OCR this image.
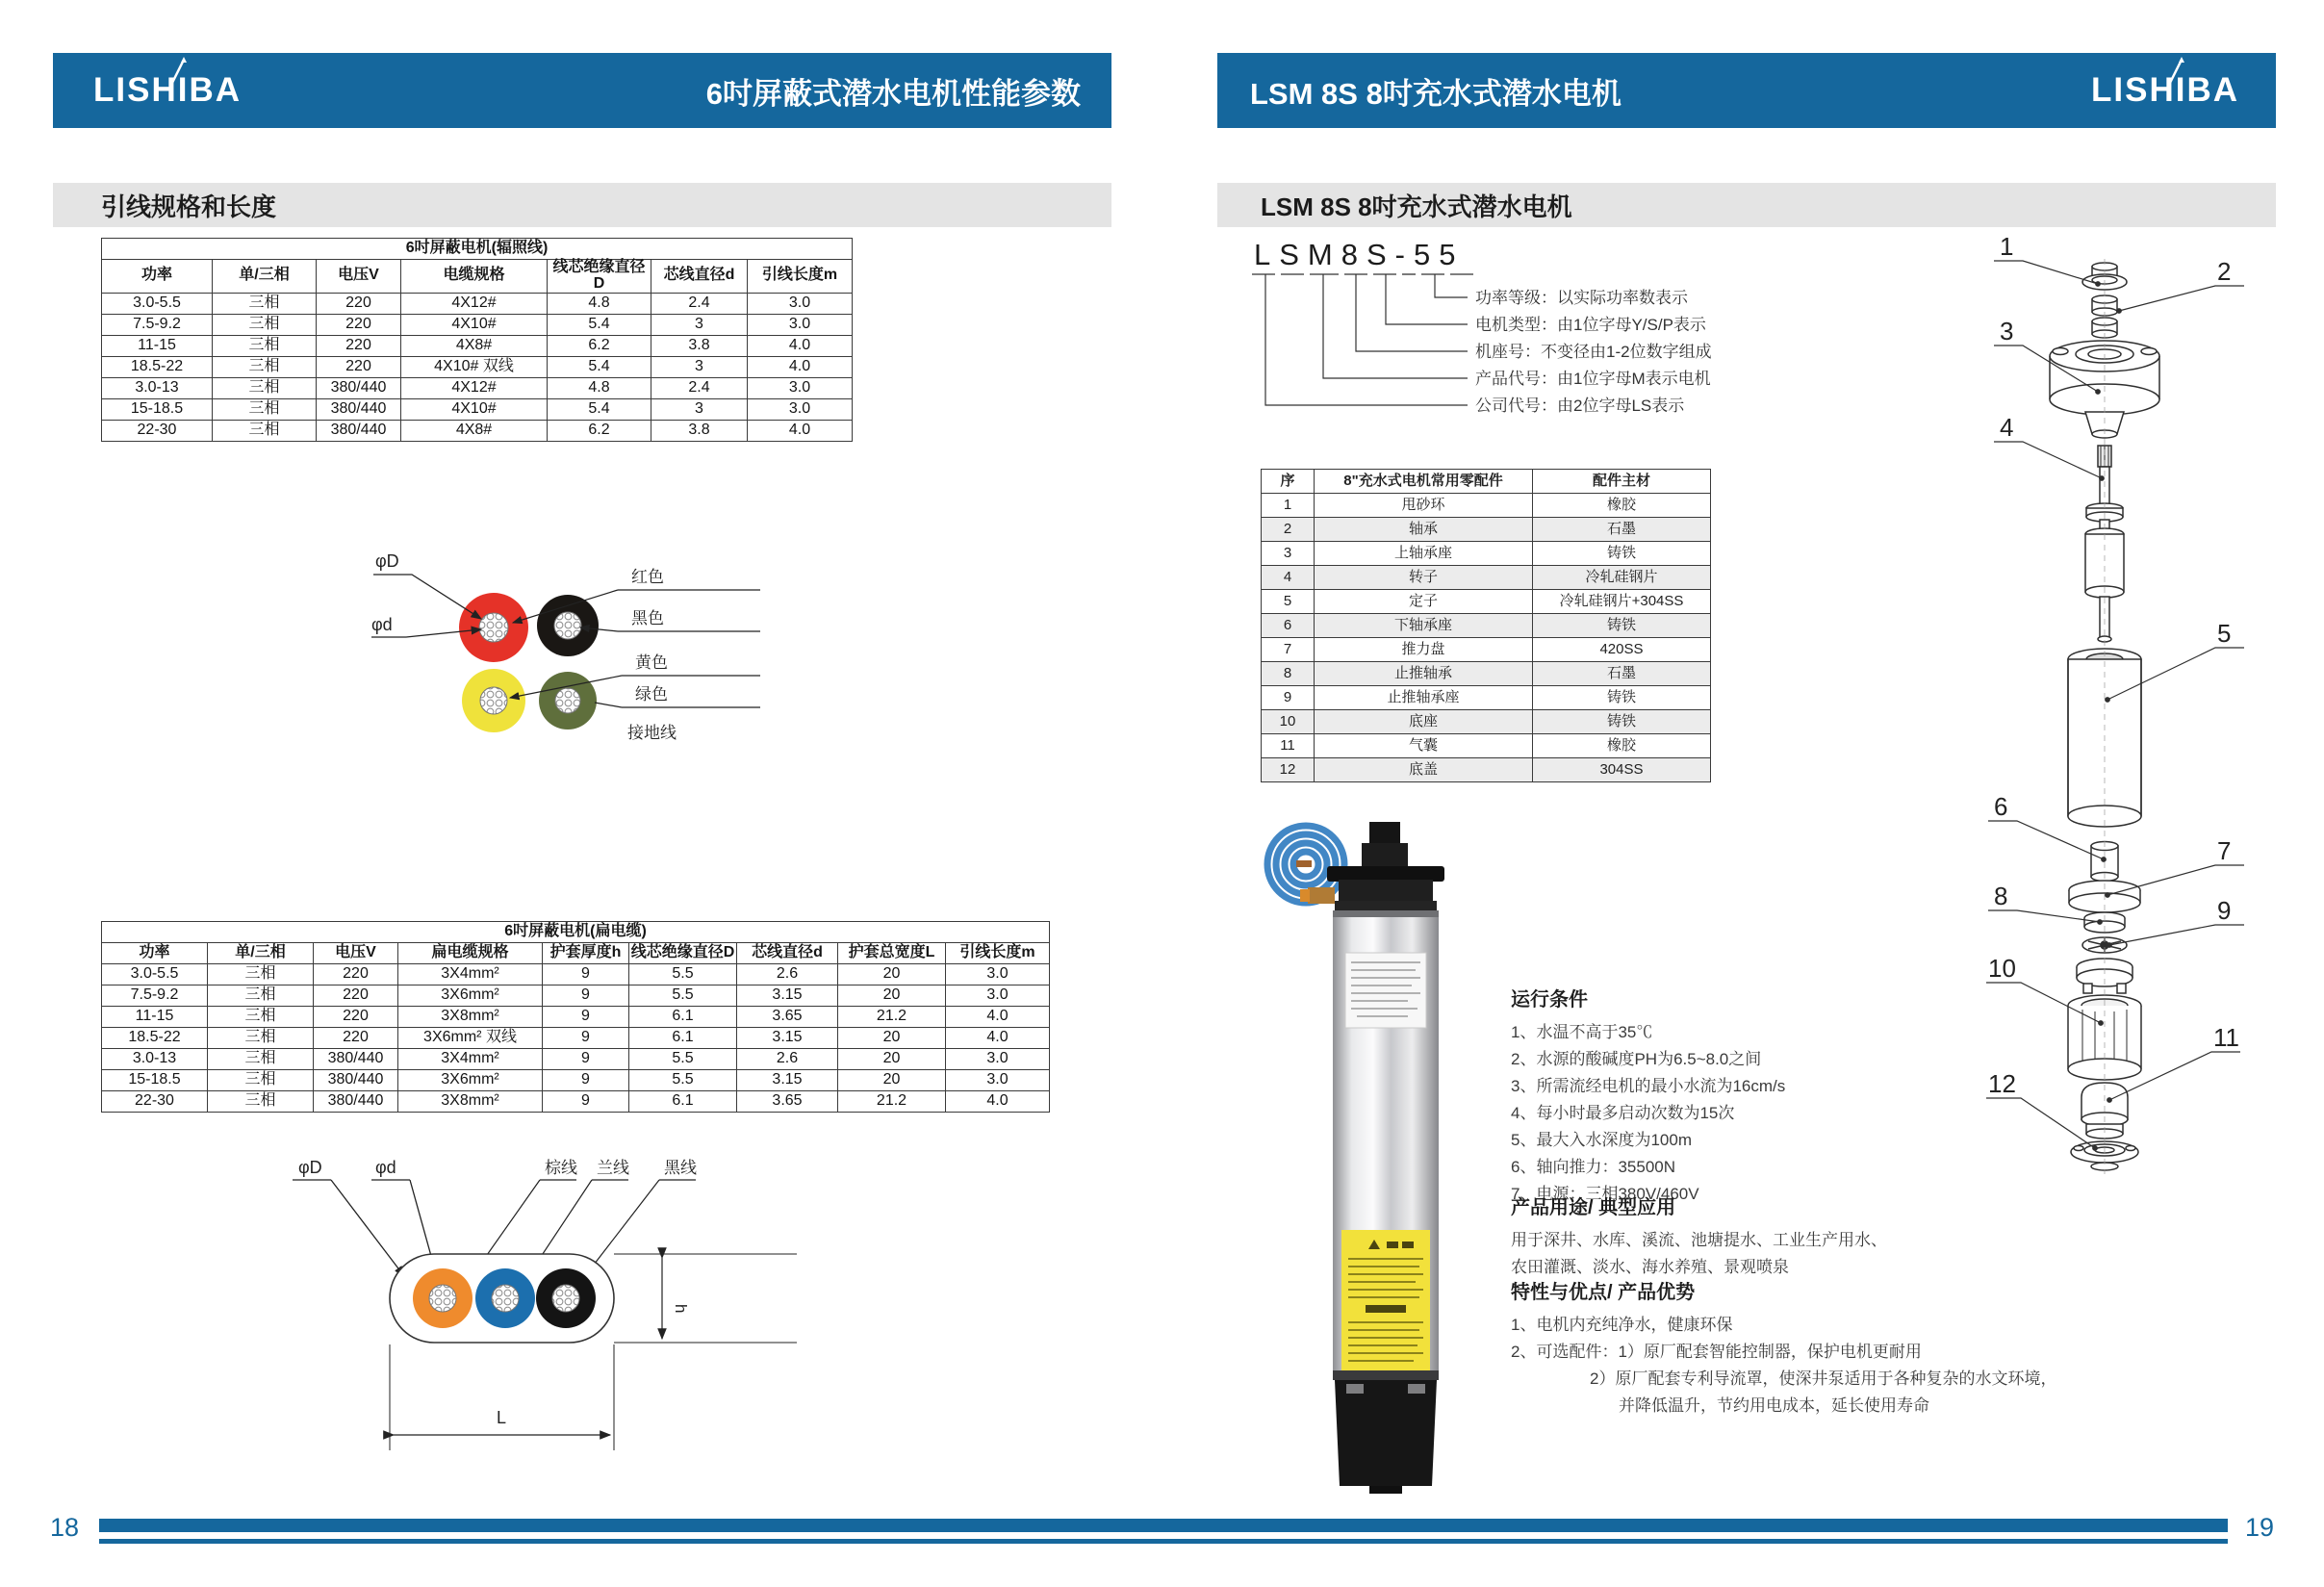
LISHIBA	6吋屏蔽式潜水电机性能参数	LSM 8S 8吋充水式潜水电机	LISHIBA
引线规格和长度	LSM 8S 8吋充水式潜水电机
6吋屏蔽电机(辐照线)						
功率	单/三相	电压V	电缆规格	线芯绝缘直径D	芯线直径d	引线长度m
3.0-5.5	三相	220	4X12#	4.8	2.4	3.0
7.5-9.2	三相	220	4X10#	5.4	3	3.0
11-15	三相	220	4X8#	6.2	3.8	4.0
18.5-22	三相	220	4X10# 双线	5.4	3	4.0
3.0-13	三相	380/440	4X12#	4.8	2.4	3.0
15-18.5	三相	380/440	4X10#	5.4	3	3.0
22-30	三相	380/440	4X8#	6.2	3.8	4.0
φD
φd
红色
黑色
黄色
绿色
接地线
6吋屏蔽电机(扁电缆)								
功率	单/三相	电压V	扁电缆规格	护套厚度h	线芯绝缘直径D	芯线直径d	护套总宽度L	引线长度m
3.0-5.5	三相	220	3X4mm²	9	5.5	2.6	20	3.0
7.5-9.2	三相	220	3X6mm²	9	5.5	3.15	20	3.0
11-15	三相	220	3X8mm²	9	6.1	3.65	21.2	4.0
18.5-22	三相	220	3X6mm² 双线	9	6.1	3.15	20	4.0
3.0-13	三相	380/440	3X4mm²	9	5.5	2.6	20	3.0
15-18.5	三相	380/440	3X6mm²	9	5.5	3.15	20	3.0
22-30	三相	380/440	3X8mm²	9	6.1	3.65	21.2	4.0
φD	φd	棕线 兰线 黑线
h
L
LSM8S-55
功率等级：以实际功率数表示
电机类型：由1位字母Y/S/P表示
机座号：不变径由1-2位数字组成
产品代号：由1位字母M表示电机
公司代号：由2位字母LS表示
序	8"充水式电机常用零配件	配件主材
1	甩砂环	橡胶
2	轴承	石墨
3	上轴承座	铸铁
4	转子	冷轧硅钢片
5	定子	冷轧硅钢片+304SS
6	下轴承座	铸铁
7	推力盘	420SS
8	止推轴承	石墨
9	止推轴承座	铸铁
10	底座	铸铁
11	气囊	橡胶
12	底盖	304SS
运行条件
1、水温不高于35℃
2、水源的酸碱度PH为6.5~8.0之间
3、所需流经电机的最小水流为16cm/s
4、每小时最多启动次数为15次
5、最大入水深度为100m
6、轴向推力：35500N
7、电源：三相380V/460V
产品用途/ 典型应用
用于深井、水库、溪流、池塘提水、工业生产用水、
农田灌溉、淡水、海水养殖、景观喷泉
特性与优点/ 产品优势
1、电机内充纯净水，健康环保
2、可选配件：1）原厂配套智能控制器，保护电机更耐用
2）原厂配套专利导流罩，使深井泵适用于各种复杂的水文环境，
并降低温升，节约用电成本，延长使用寿命
1
2
3
4
5
6
7
8	9
10
11
12
18	19
